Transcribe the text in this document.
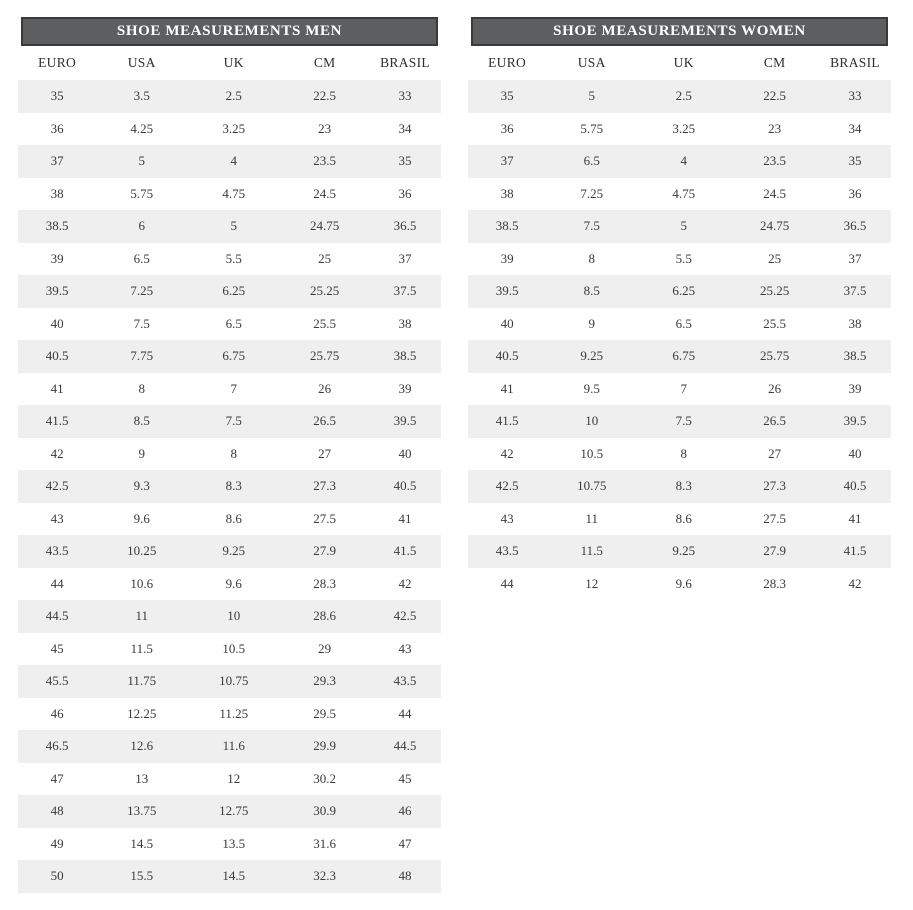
SHOE MEASUREMENTS MEN
EURO	USA	UK	CM	BRASIL
35	3.5	2.5	22.5	33
36	4.25	3.25	23	34
37	5	4	23.5	35
38	5.75	4.75	24.5	36
38.5	6	5	24.75	36.5
39	6.5	5.5	25	37
39.5	7.25	6.25	25.25	37.5
40	7.5	6.5	25.5	38
40.5	7.75	6.75	25.75	38.5
41	8	7	26	39
41.5	8.5	7.5	26.5	39.5
42	9	8	27	40
42.5	9.3	8.3	27.3	40.5
43	9.6	8.6	27.5	41
43.5	10.25	9.25	27.9	41.5
44	10.6	9.6	28.3	42
44.5	11	10	28.6	42.5
45	11.5	10.5	29	43
45.5	11.75	10.75	29.3	43.5
46	12.25	11.25	29.5	44
46.5	12.6	11.6	29.9	44.5
47	13	12	30.2	45
48	13.75	12.75	30.9	46
49	14.5	13.5	31.6	47
50	15.5	14.5	32.3	48
SHOE MEASUREMENTS WOMEN
EURO	USA	UK	CM	BRASIL
35	5	2.5	22.5	33
36	5.75	3.25	23	34
37	6.5	4	23.5	35
38	7.25	4.75	24.5	36
38.5	7.5	5	24.75	36.5
39	8	5.5	25	37
39.5	8.5	6.25	25.25	37.5
40	9	6.5	25.5	38
40.5	9.25	6.75	25.75	38.5
41	9.5	7	26	39
41.5	10	7.5	26.5	39.5
42	10.5	8	27	40
42.5	10.75	8.3	27.3	40.5
43	11	8.6	27.5	41
43.5	11.5	9.25	27.9	41.5
44	12	9.6	28.3	42
